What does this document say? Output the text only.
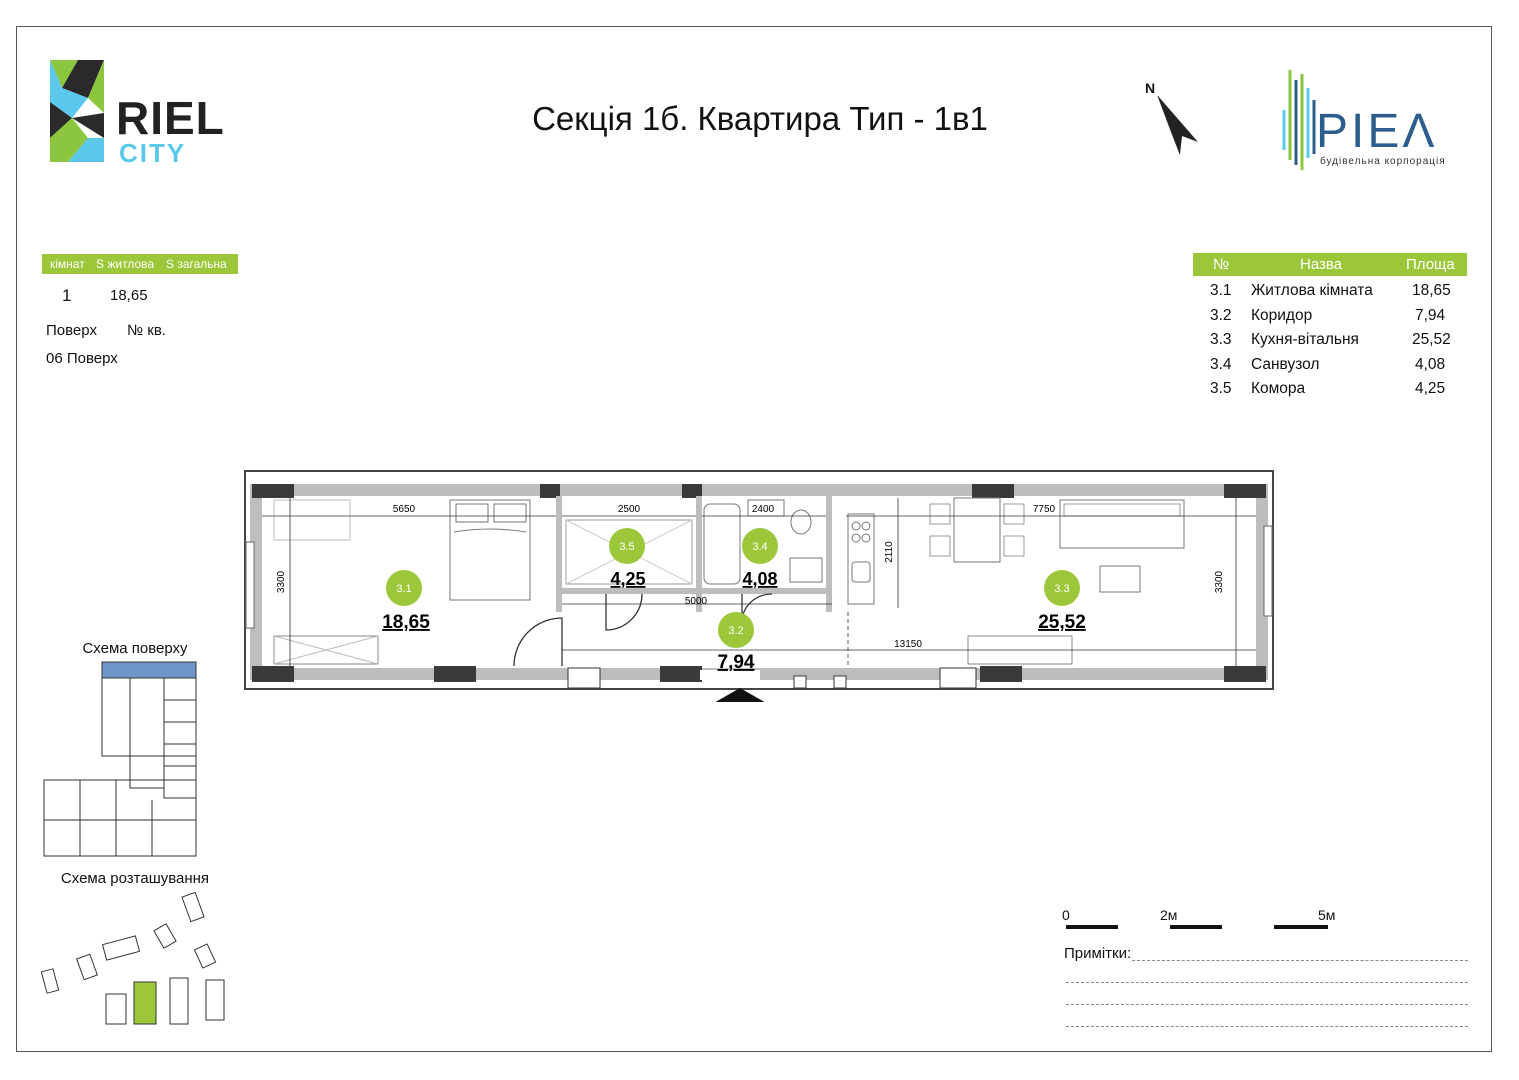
RIEL
CITY
Секція 1б. Квартира Тип - 1в1
N
PIEΛ
будівельна корпорація
кімнат S житлова S загальна
1	18,65
Поверх № кв.
06 Поверх
№	Назва	Площа
3.1 Житлова кімната	18,65
3.2 Коридор	7,94
3.3 Кухня-вітальня	25,52
3.4 Санвузол	4,08
3.5 Комора	4,25
5650	2500	2400	7750
3300
2110
3300
5000
13150
3.1
18,65	3.2
7,94
3.3
25,52
3.4
4,08
3.5
4,25
Схема поверху
Схема розташування
0	2м	5м
Примітки:
